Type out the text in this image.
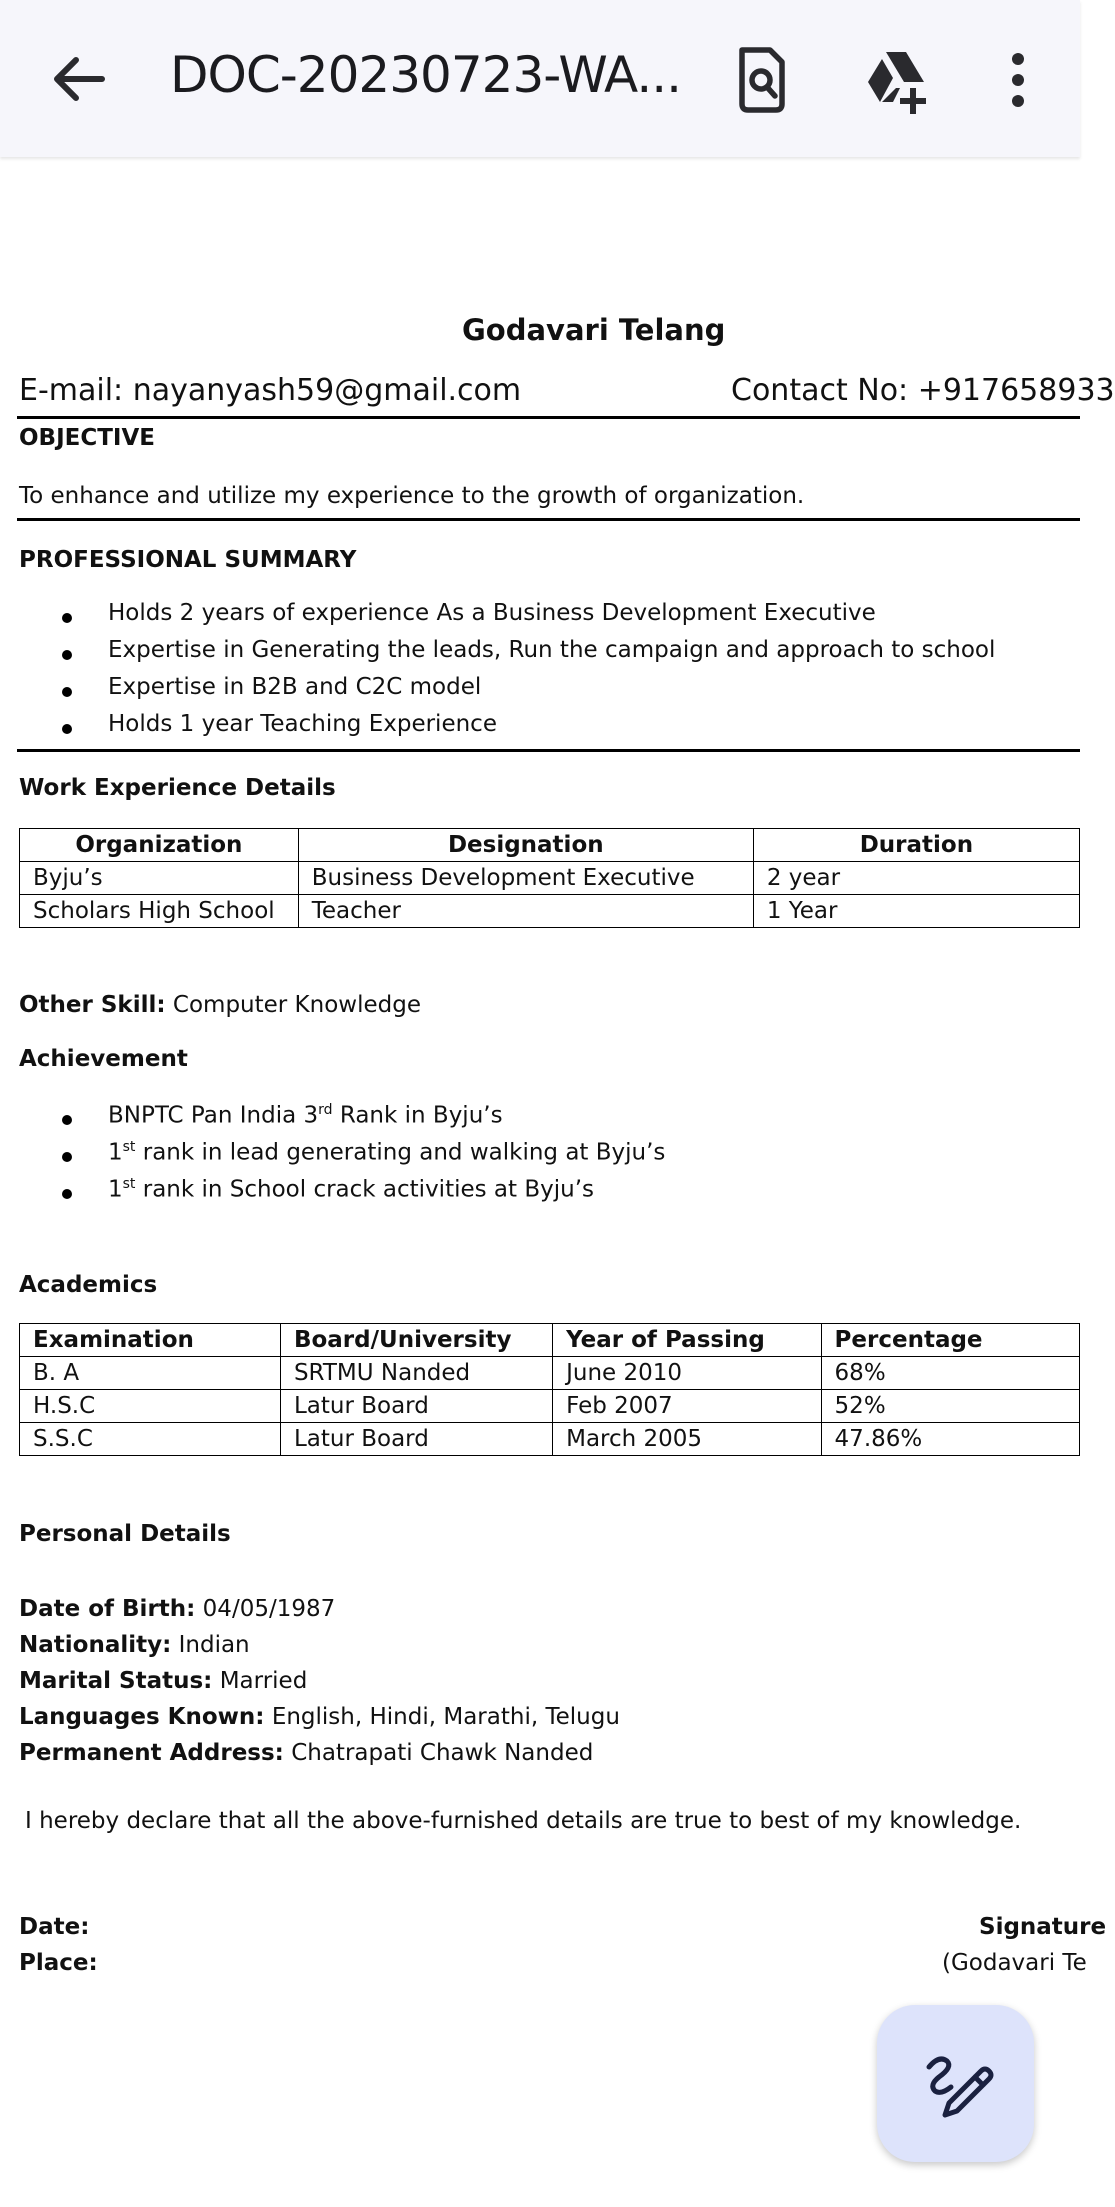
DOC-20230723-WA...
Godavari Telang
E-mail: nayanyash59@gmail.com	Contact No: +917658933
OBJECTIVE
To enhance and utilize my experience to the growth of organization.
PROFESSIONAL SUMMARY
Holds 2 years of experience As a Business Development Executive
Expertise in Generating the leads, Run the campaign and approach to school
Expertise in B2B and C2C model
Holds 1 year Teaching Experience
Work Experience Details
Organization	Designation	Duration
Byju’s	Business Development Executive	2 year
Scholars High School	Teacher	1 Year
Other Skill: Computer Knowledge
Achievement
BNPTC Pan India 3rd Rank in Byju’s
1st rank in lead generating and walking at Byju’s
1st rank in School crack activities at Byju’s
Academics
Examination	Board/University	Year of Passing	Percentage
B. A	SRTMU Nanded	June 2010	68%
H.S.C	Latur Board	Feb 2007	52%
S.S.C	Latur Board	March 2005	47.86%
Personal Details
Date of Birth: 04/05/1987
Nationality: Indian
Marital Status: Married
Languages Known: English, Hindi, Marathi, Telugu
Permanent Address: Chatrapati Chawk Nanded
I hereby declare that all the above-furnished details are true to best of my knowledge.
Date:
Place:
Signature
(Godavari Te
